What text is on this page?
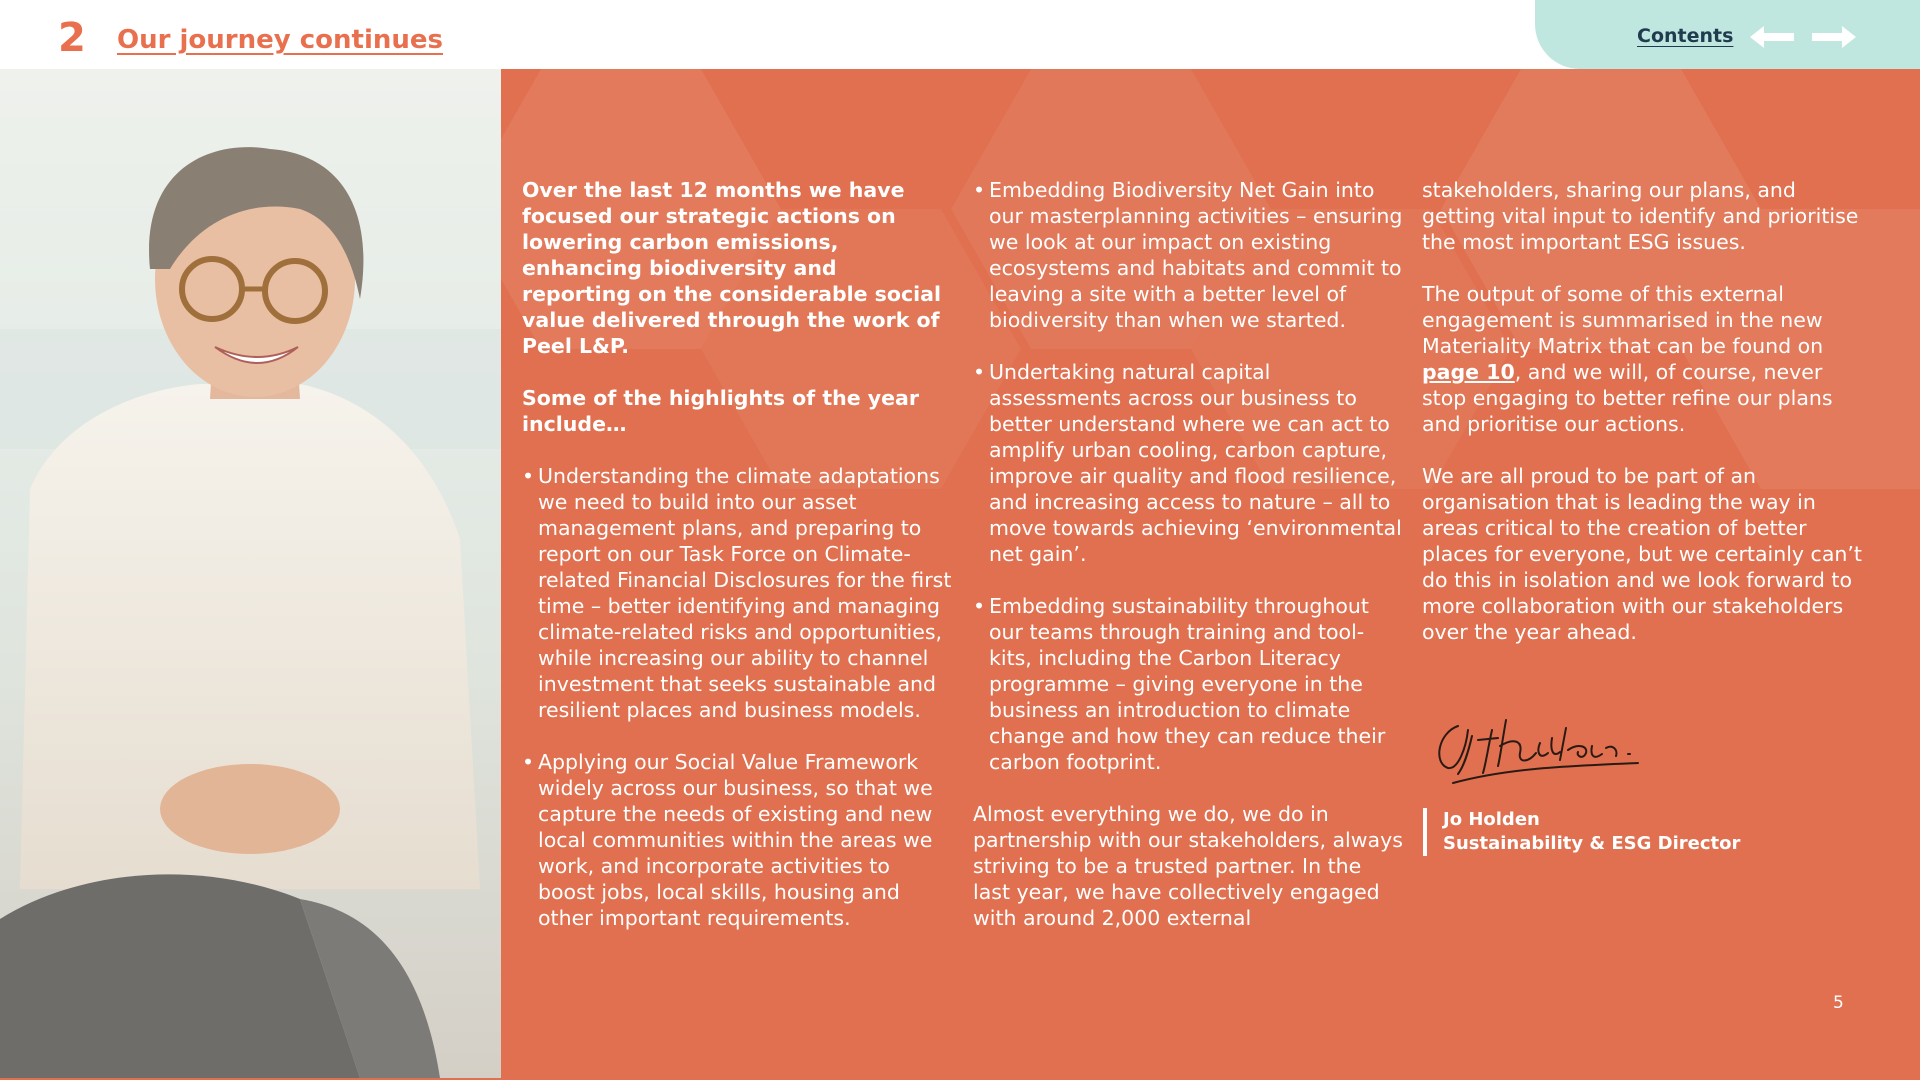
2 Our journey continues	Contents

Over the last 12 months we have focused our strategic actions on lowering carbon emissions, enhancing biodiversity and reporting on the considerable social value delivered through the work of Peel L&P.

Some of the highlights of the year include…

• Understanding the climate adaptations we need to build into our asset management plans, and preparing to report on our Task Force on Climate-related Financial Disclosures for the first time – better identifying and managing climate-related risks and opportunities, while increasing our ability to channel investment that seeks sustainable and resilient places and business models.
• Applying our Social Value Framework widely across our business, so that we capture the needs of existing and new local communities within the areas we work, and incorporate activities to boost jobs, local skills, housing and other important requirements.
• Embedding Biodiversity Net Gain into our masterplanning activities – ensuring we look at our impact on existing ecosystems and habitats and commit to leaving a site with a better level of biodiversity than when we started.
• Undertaking natural capital assessments across our business to better understand where we can act to amplify urban cooling, carbon capture, improve air quality and flood resilience, and increasing access to nature – all to move towards achieving ‘environmental net gain’.
• Embedding sustainability throughout our teams through training and tool-kits, including the Carbon Literacy programme – giving everyone in the business an introduction to climate change and how they can reduce their carbon footprint.

Almost everything we do, we do in partnership with our stakeholders, always striving to be a trusted partner. In the last year, we have collectively engaged with around 2,000 external

stakeholders, sharing our plans, and getting vital input to identify and prioritise the most important ESG issues.

The output of some of this external engagement is summarised in the new Materiality Matrix that can be found on page 10, and we will, of course, never stop engaging to better refine our plans and prioritise our actions.

We are all proud to be part of an organisation that is leading the way in areas critical to the creation of better places for everyone, but we certainly can’t do this in isolation and we look forward to more collaboration with our stakeholders over the year ahead.

Jo Holden
Sustainability & ESG Director
5
